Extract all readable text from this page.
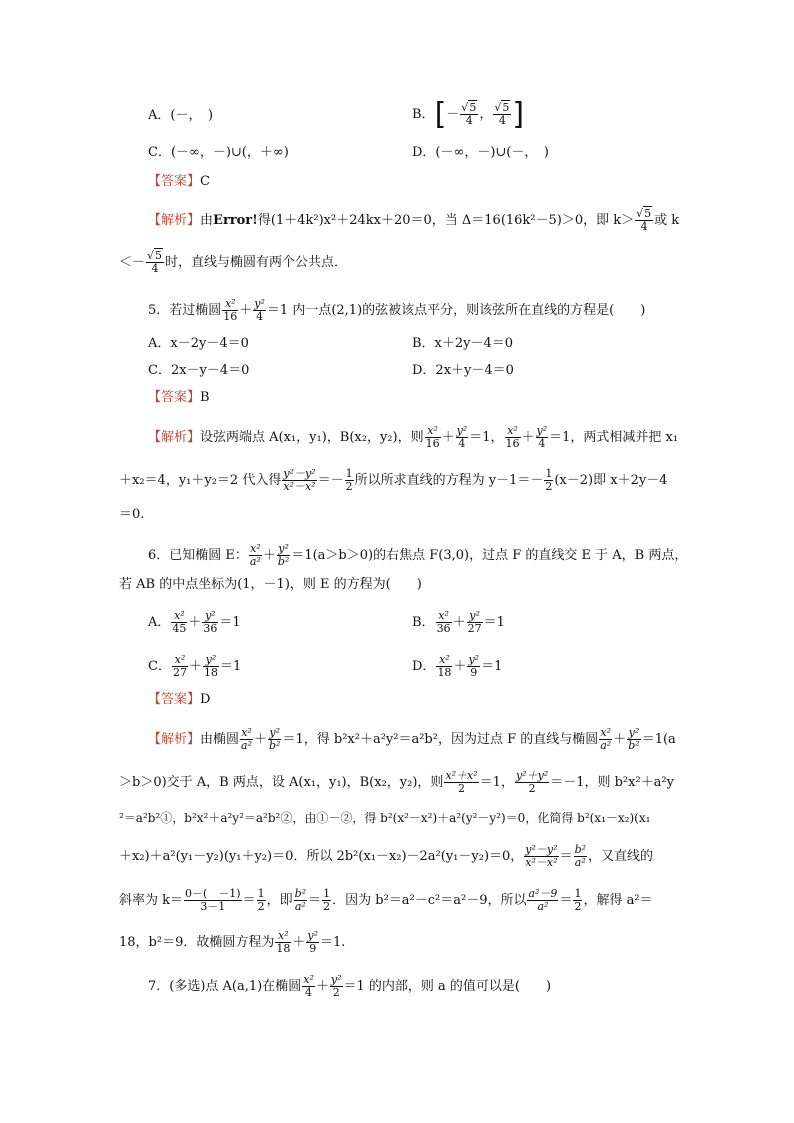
A．(－，　)	B．[－ $\frac{√5}{4}$ ， $\frac{√5}{4}$ ]
C．(－∞，－)∪(，＋∞)	D．(－∞，－)∪(－，　)
【答案】C
【解析】由Error!得(1＋4k²)x²＋24kx＋20＝0，当 Δ＝16(16k²－5)＞0，即 $k> \frac{√5}{4}$ 或 k
＜－ $\frac{√5}{4}$ 时，直线与椭圆有两个公共点．
5．若过椭圆 $\frac{\text{x²}}{16} + \frac{\text{y²}}{4} =1$ 内一点(2,1)的弦被该点平分，则该弦所在直线的方程是(　　)
A．x－2y－4＝0	B．x＋2y－4＝0
C．2x－y－4＝0	D．2x＋y－4＝0
【答案】B
【解析】设弦两端点 A(x₁，y₁)，B(x₂，y₂)，则 $\frac{\text{x²}}{16} + \frac{\text{y²}}{4} =1$， $\frac{\text{x²}}{16} + \frac{\text{y²}}{4} =1$，两式相减并把 x₁
＋x₂＝4，y₁＋y₂＝2 代入得 $\frac{\text{y²－y²}}{\text{x²－x²}} =- \frac{1}{2}$ 所以所求直线的方程为 $y-1=- \frac{1}{2} (x-2)$即 x＋2y－4
＝0.
6．已知椭圆 E： $\frac{\text{x²}}{\text{a²}} + \frac{\text{y²}}{\text{b²}} =1(a>b>0)$的右焦点 F(3,0)，过点 F 的直线交 E 于 A，B 两点，
若 AB 的中点坐标为(1，－1)，则 E 的方程为(　　)
A． $\frac{\text{x²}}{45} + \frac{\text{y²}}{36} =1$	B． $\frac{\text{x²}}{36} + \frac{\text{y²}}{27} =1$
C． $\frac{\text{x²}}{27} + \frac{\text{y²}}{18} =1$	D． $\frac{\text{x²}}{18} + \frac{\text{y²}}{9} =1$
【答案】D
【解析】由椭圆 $\frac{\text{x²}}{\text{a²}} + \frac{\text{y²}}{\text{b²}} =1$，得 b²x²＋a²y²＝a²b²，因为过点 F 的直线与椭圆 $\frac{\text{x²}}{\text{a²}} + \frac{\text{y²}}{\text{b²}} =1(a$
＞b＞0)交于 A，B 两点，设 A(x₁，y₁)，B(x₂，y₂)，则 $\frac{\text{x²＋x²}}{2} =1$， $\frac{\text{y²＋y²}}{2} =-1$，则 b²x²＋a²y
²＝a²b²①，b²x²＋a²y²＝a²b²②，由①－②，得 b²(x²－x²)＋a²(y²－y²)＝0，化简得 b²(x₁－x₂)(x₁
＋x₂)＋a²(y₁－y₂)(y₁＋y₂)＝0．所以 2b²(x₁－x₂)－2a²(y₁－y₂)＝0， $\frac{\text{y²－y²}}{\text{x²－x²}} = \frac{\text{b²}}{\text{a²}}$ ，又直线的
斜率为 $k= \frac{0-( -1)}{3-1} = \frac{1}{2}$ ，即 $\frac{\text{b²}}{\text{a²}} = \frac{1}{2}$ ．因为 b²＝a²－c²＝a²－9，所以 $\frac{\text{a²－9}}{\text{a²}} = \frac{1}{2}$ ，解得 a²＝
18，b²＝9．故椭圆方程为 $\frac{\text{x²}}{18} + \frac{\text{y²}}{9} =1$.
7．(多选)点 A(a,1)在椭圆 $\frac{\text{x²}}{4} + \frac{\text{y²}}{2} =1$ 的内部，则 a 的值可以是(　　)
